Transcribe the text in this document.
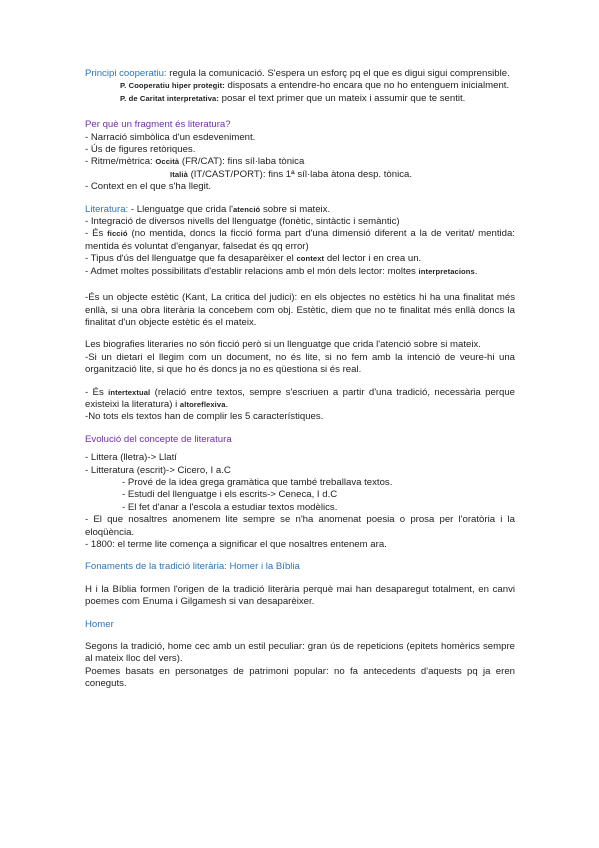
Principi cooperatiu: regula la comunicació. S'espera un esforç pq el que es digui sigui comprensible.

P. Cooperatiu hiper protegit: disposats a entendre-ho encara que no ho entenguem inicialment.

P. de Caritat interpretativa: posar el text primer que un mateix i assumir que te sentit.

Per què un fragment és literatura?

- Narració simbòlica d'un esdeveniment.

- Ús de figures retòriques.

- Ritme/mètrica: Occità (FR/CAT): fins síl·laba tònica

Italià (IT/CAST/PORT): fins 1ª síl·laba àtona desp. tònica.

- Context en el que s'ha llegit.

Literatura: - Llenguatge que crida l'atenció sobre si mateix.

- Integració de diversos nivells del llenguatge (fonètic, sintàctic i semàntic)

- És ficció (no mentida, doncs la ficció forma part d'una dimensió diferent a la de veritat/ mentida: mentida és voluntat d'enganyar, falsedat és qq error)

- Tipus d'ús del llenguatge que fa desaparèixer el context del lector i en crea un.

- Admet moltes possibilitats d'establir relacions amb el món dels lector: moltes interpretacions.

-És un objecte estètic (Kant, La critica del judici): en els objectes no estètics hi ha una finalitat més enllà, si una obra literària la concebem com obj. Estètic, diem que no te finalitat més enllà doncs la finalitat d'un objecte estètic és el mateix.

Les biografies literaries no són ficció però si un llenguatge que crida l'atenció sobre si mateix.

-Si un dietari el llegim com un document, no és lite, si no fem amb la intenció de veure-hi una organització lite, si que ho és doncs ja no es qüestiona si és real.

- És intertextual (relació entre textos, sempre s'escriuen a partir d'una tradició, necessària perque existeixi la literatura) i altoreflexiva.

-No tots els textos han de complir les 5 característiques.

Evolució del concepte de literatura

- Littera (lletra)-> Llatí

- Litteratura (escrit)-> Cicero, I a.C

- Prové de la idea grega gramàtica que també treballava textos.

- Estudi del llenguatge i els escrits-> Ceneca, I d.C

- El fet d'anar a l'escola a estudiar textos modèlics.

- El que nosaltres anomenem lite sempre se n'ha anomenat poesia o prosa per l'oratòria i la eloqüència.

- 1800: el terme lite comença a significar el que nosaltres entenem ara.

Fonaments de la tradició literària: Homer i la Bíblia

H i la Bíblia formen l'origen de la tradició literària perquè mai han desaparegut totalment, en canvi poemes com Enuma i Gilgamesh si van desaparèixer.

Homer

Segons la tradició, home cec amb un estil peculiar: gran ús de repeticions (epitets homèrics sempre al mateix lloc del vers).

Poemes basats en personatges de patrimoni popular: no fa antecedents d'aquests pq ja eren coneguts.
